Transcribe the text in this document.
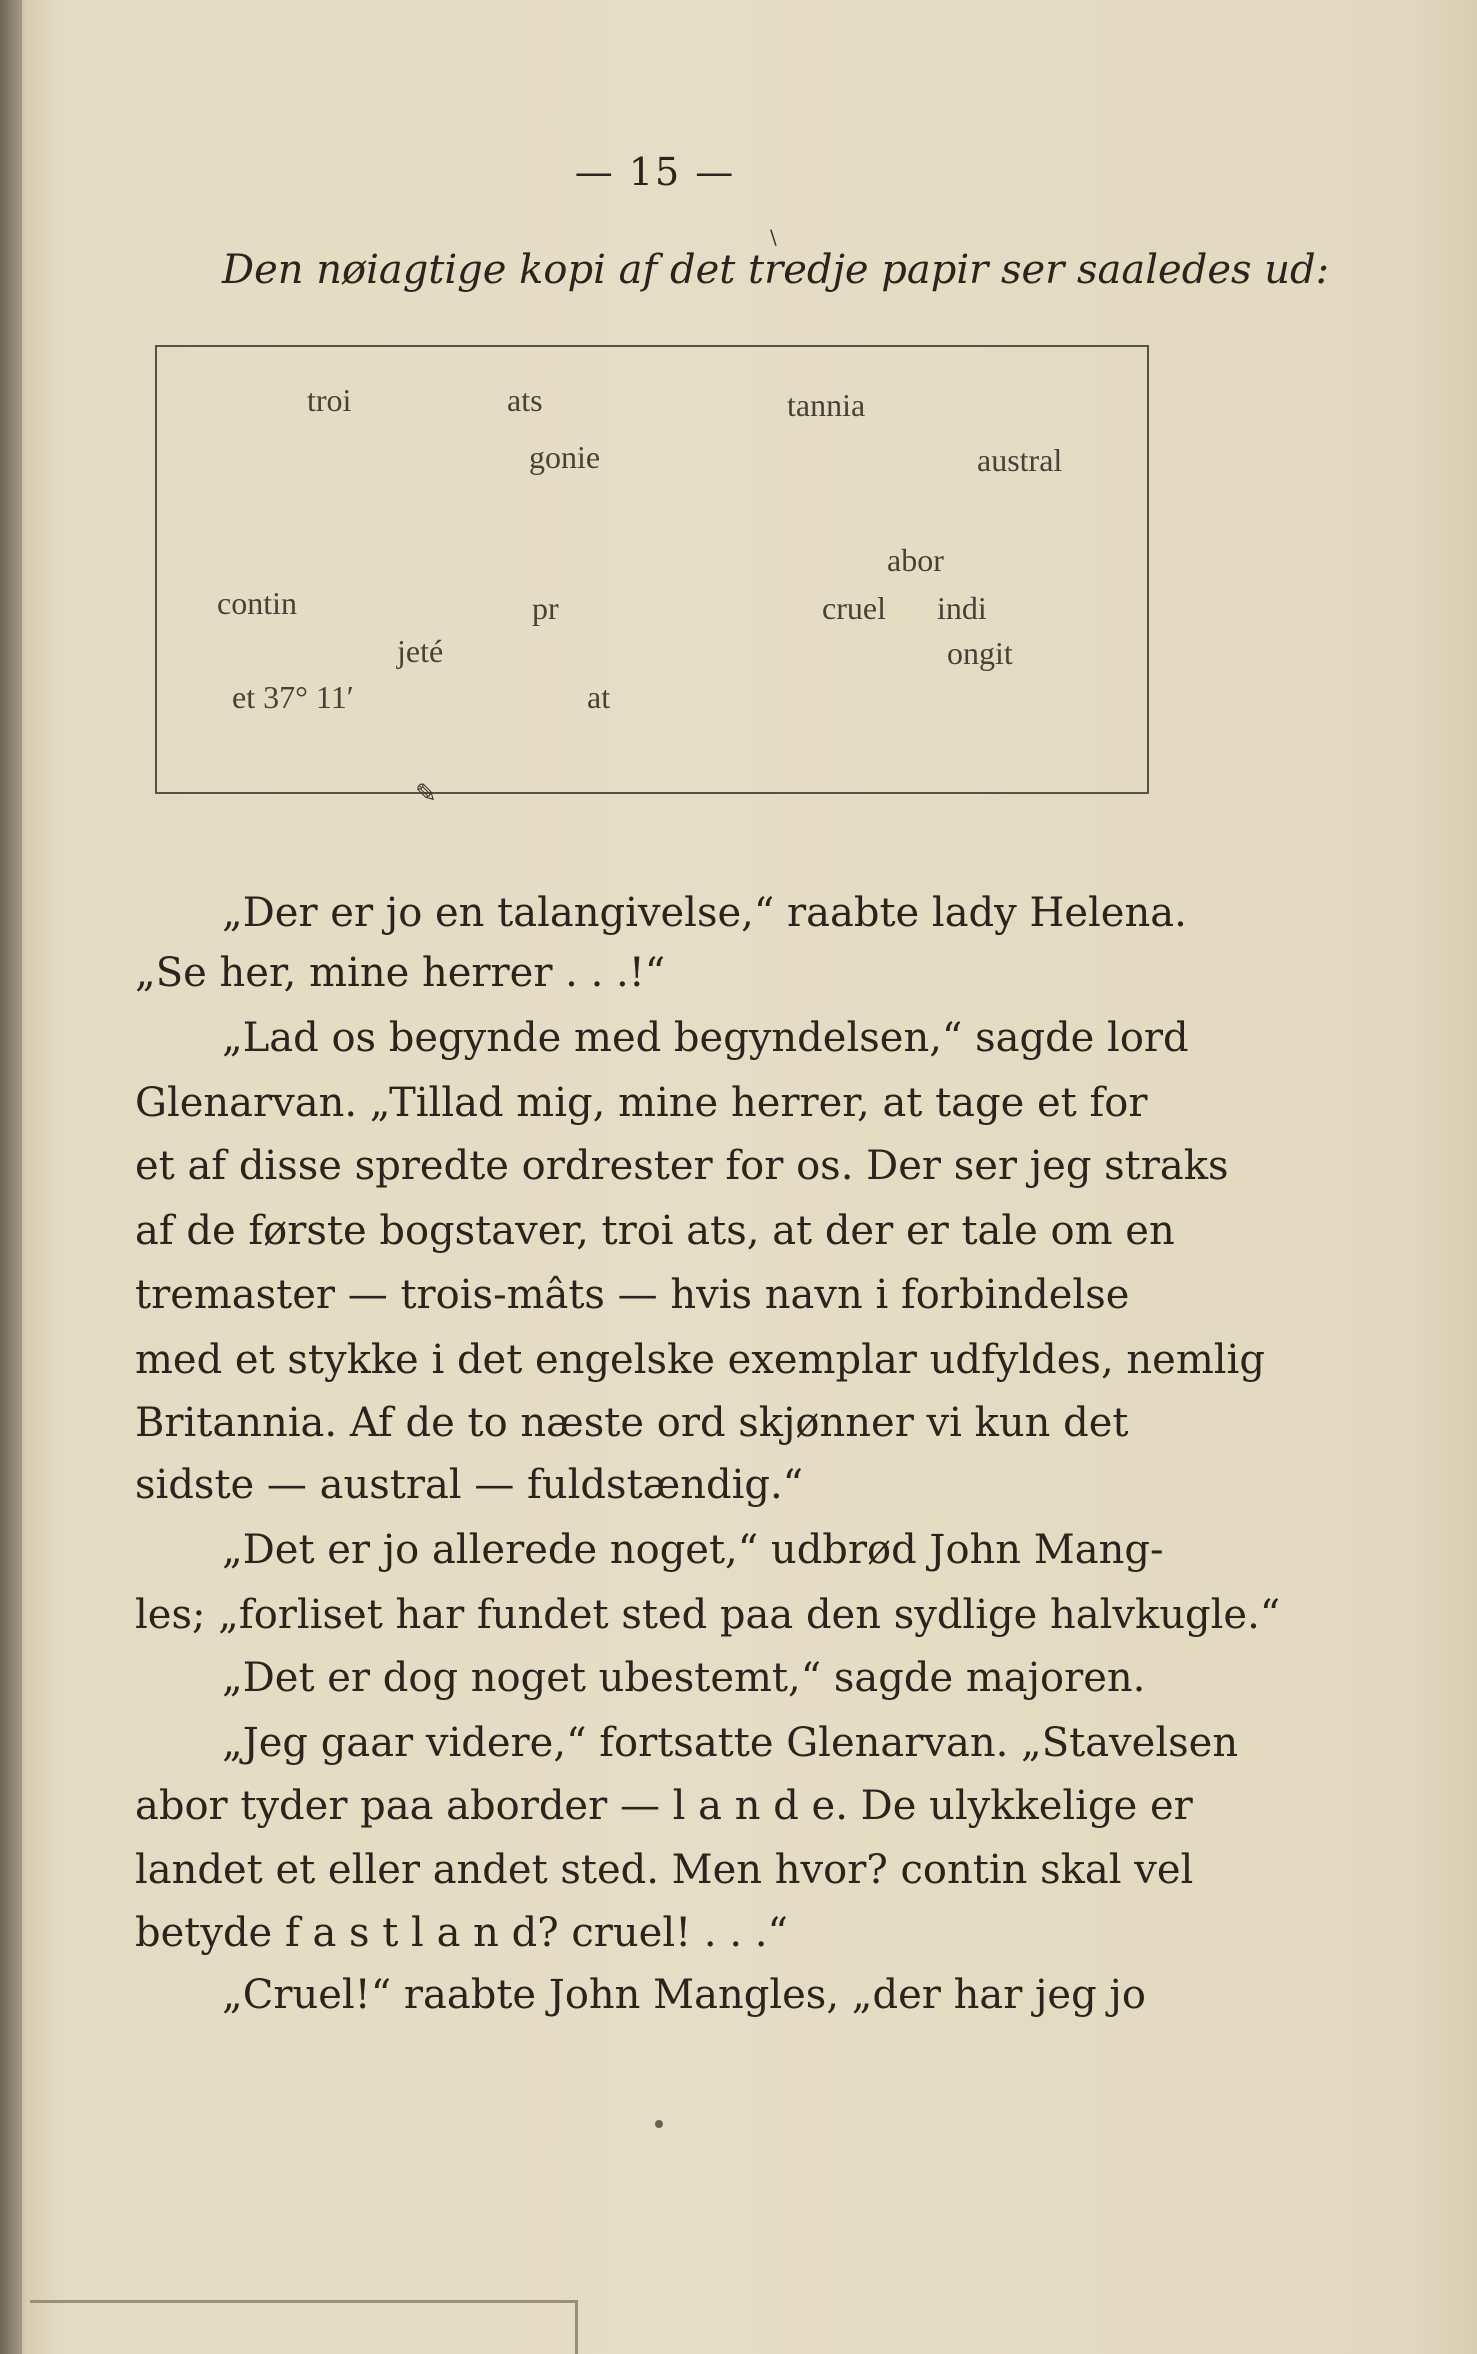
— 15 —
\
Den nøiagtige kopi af det tredje papir ser saaledes ud:
✎
troi	ats	tannia
gonie	austral
abor
contin	pr	cruel indi
jeté	ongit
et 37° 11′	at
„Der er jo en talangivelse,“ raabte lady Helena.
„Se her, mine herrer . . .!“
„Lad os begynde med begyndelsen,“ sagde lord
Glenarvan. „Tillad mig, mine herrer, at tage et for
et af disse spredte ordrester for os. Der ser jeg straks
af de første bogstaver, troi ats, at der er tale om en
tremaster — trois-mâts — hvis navn i forbindelse
med et stykke i det engelske exemplar udfyldes, nemlig
Britannia. Af de to næste ord skjønner vi kun det
sidste — austral — fuldstændig.“
„Det er jo allerede noget,“ udbrød John Mang-
les; „forliset har fundet sted paa den sydlige halvkugle.“
„Det er dog noget ubestemt,“ sagde majoren.
„Jeg gaar videre,“ fortsatte Glenarvan. „Stavelsen
abor tyder paa aborder — l a n d e. De ulykkelige er
landet et eller andet sted. Men hvor? contin skal vel
betyde f a s t l a n d? cruel! . . .“
„Cruel!“ raabte John Mangles, „der har jeg jo
